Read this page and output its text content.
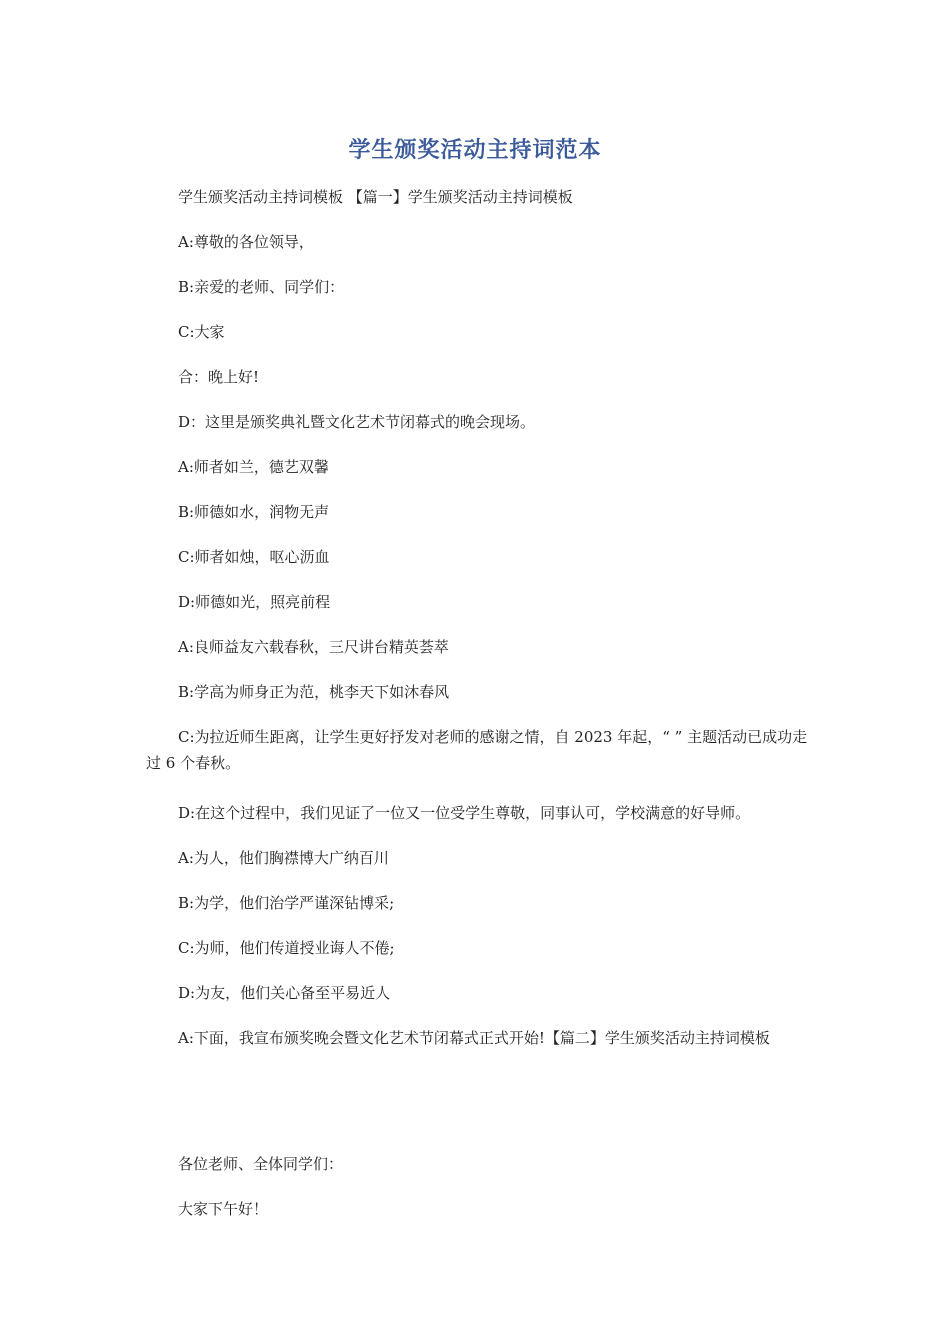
学生颁奖活动主持词范本
学生颁奖活动主持词模板 【篇一】学生颁奖活动主持词模板
A:尊敬的各位领导，
B:亲爱的老师、同学们：
C:大家
合：晚上好!
D：这里是颁奖典礼暨文化艺术节闭幕式的晚会现场。
A:师者如兰，德艺双馨
B:师德如水，润物无声
C:师者如烛，呕心沥血
D:师德如光，照亮前程
A:良师益友六载春秋，三尺讲台精英荟萃
B:学高为师身正为范，桃李天下如沐春风
C:为拉近师生距离，让学生更好抒发对老师的感谢之情，自 2023 年起，“ ” 主题活动已成功走过 6 个春秋。
D:在这个过程中，我们见证了一位又一位受学生尊敬，同事认可，学校满意的好导师。
A:为人，他们胸襟博大广纳百川
B:为学，他们治学严谨深钻博采;
C:为师，他们传道授业诲人不倦;
D:为友，他们关心备至平易近人
A:下面，我宣布颁奖晚会暨文化艺术节闭幕式正式开始!【篇二】学生颁奖活动主持词模板
各位老师、全体同学们：
大家下午好！
